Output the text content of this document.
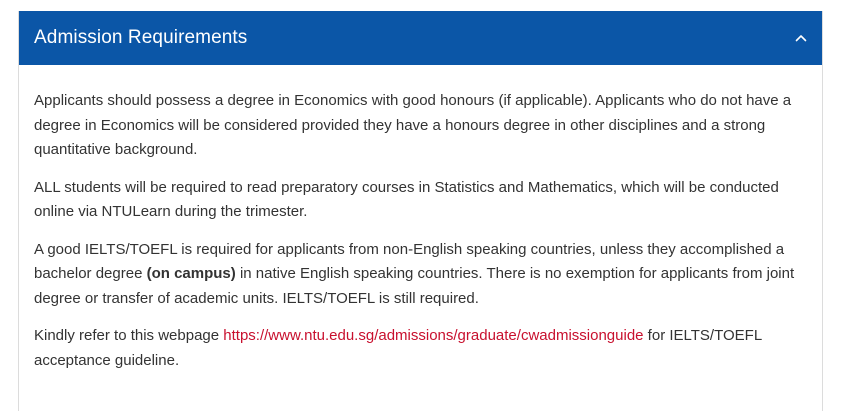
Admission Requirements

Applicants should possess a degree in Economics with good honours (if applicable). Applicants who do not have a degree in Economics will be considered provided they have a honours degree in other disciplines and a strong quantitative background.

ALL students will be required to read preparatory courses in Statistics and Mathematics, which will be conducted online via NTULearn during the trimester.

A good IELTS/TOEFL is required for applicants from non-English speaking countries, unless they accomplished a bachelor degree (on campus) in native English speaking countries. There is no exemption for applicants from joint degree or transfer of academic units. IELTS/TOEFL is still required.

Kindly refer to this webpage https://www.ntu.edu.sg/admissions/graduate/cwadmissionguide for IELTS/TOEFL acceptance guideline.
